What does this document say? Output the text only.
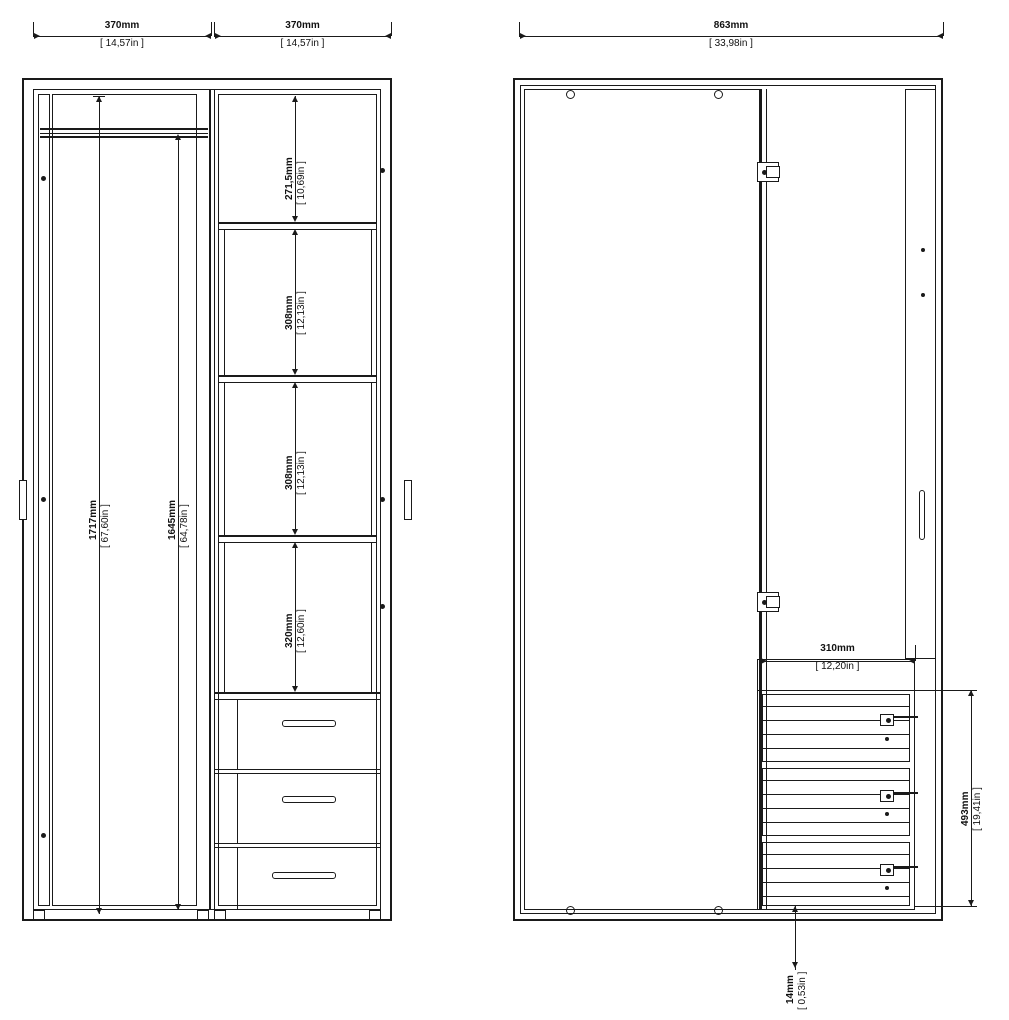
370mm
[ 14,57in ]
370mm
[ 14,57in ]
1717mm [ 67,60in ]	1645mm [ 64,78in ]
271,5mm [ 10,69in ]
308mm [ 12,13in ]
308mm [ 12,13in ]
320mm [ 12,60in ]
863mm
[ 33,98in ]
310mm
[ 12,20in ]
493mm [ 19,41in ]
14mm [ 0,53in ]
